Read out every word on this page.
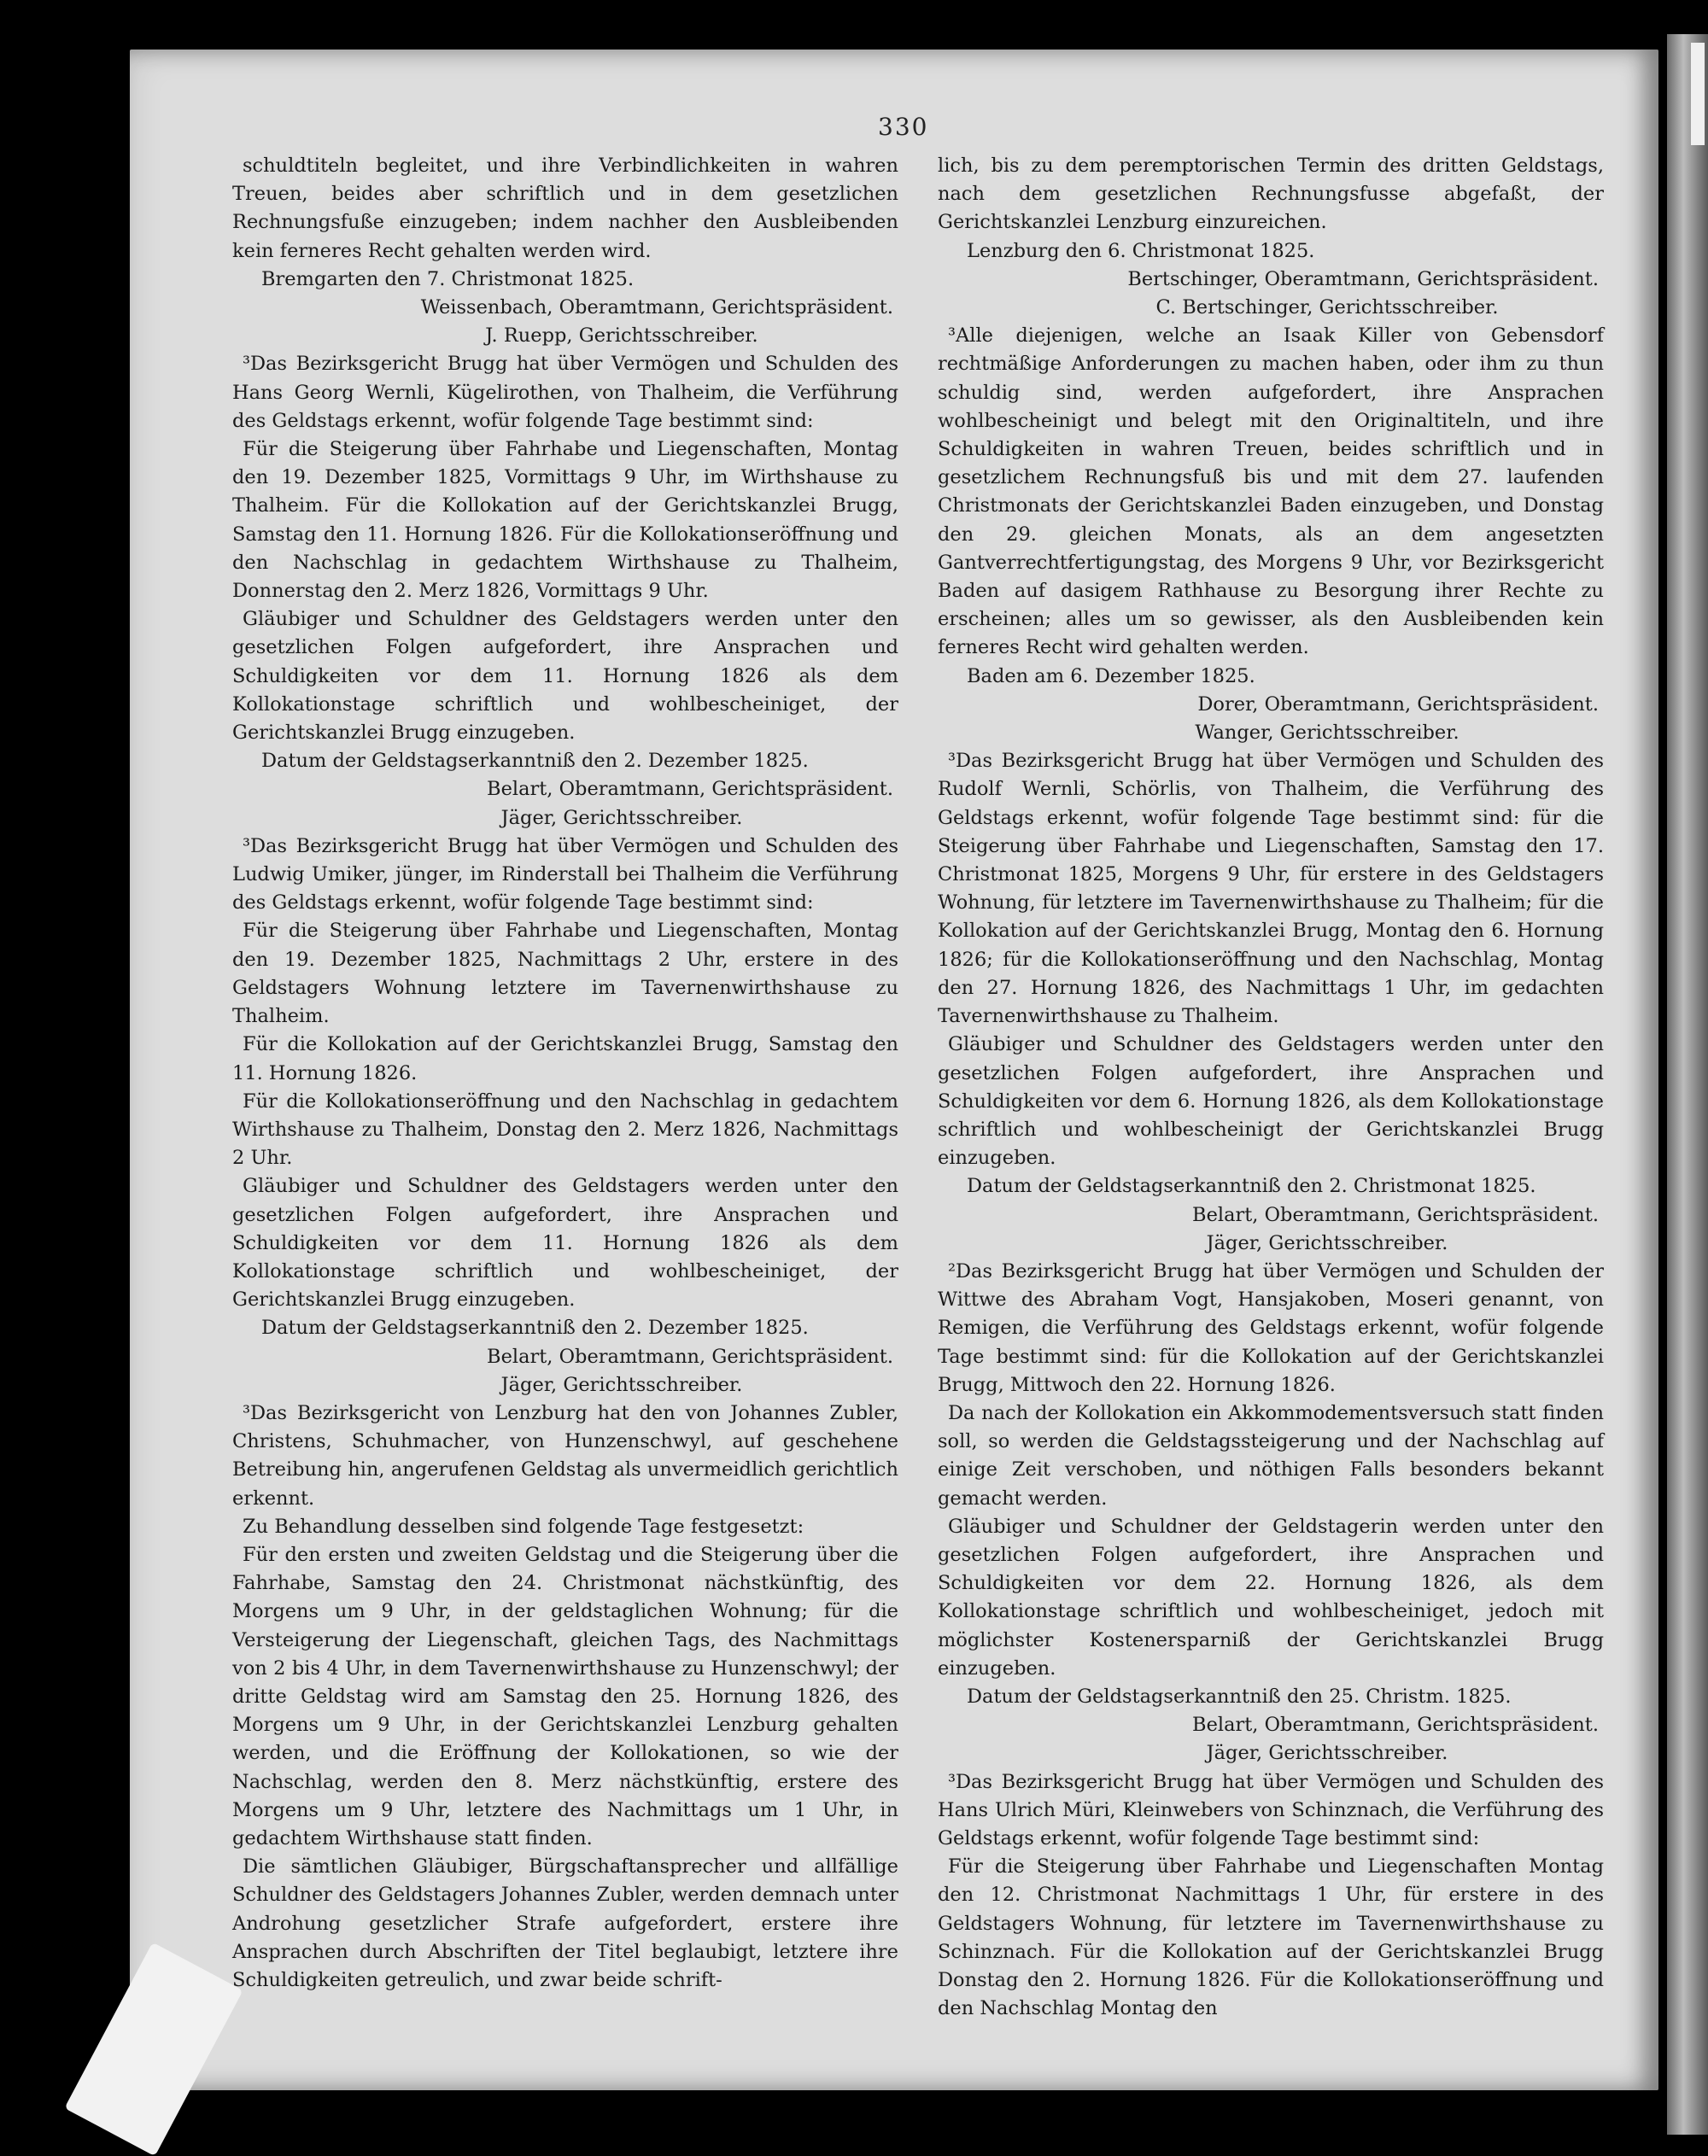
330

schuldtiteln begleitet, und ihre Verbindlichkeiten in wahren Treuen, beides aber schriftlich und in dem gesetzlichen Rechnungsfuße einzugeben; indem nachher den Ausbleibenden kein ferneres Recht gehalten werden wird.

Bremgarten den 7. Christmonat 1825.

Weissenbach, Oberamtmann, Gerichtspräsident.

J. Ruepp, Gerichtsschreiber.

³Das Bezirksgericht Brugg hat über Vermögen und Schulden des Hans Georg Wernli, Kügelirothen, von Thalheim, die Verführung des Geldstags erkennt, wofür folgende Tage bestimmt sind:

Für die Steigerung über Fahrhabe und Liegenschaften, Montag den 19. Dezember 1825, Vormittags 9 Uhr, im Wirthshause zu Thalheim. Für die Kollokation auf der Gerichtskanzlei Brugg, Samstag den 11. Hornung 1826. Für die Kollokationseröffnung und den Nachschlag in gedachtem Wirthshause zu Thalheim, Donnerstag den 2. Merz 1826, Vormittags 9 Uhr.

Gläubiger und Schuldner des Geldstagers werden unter den gesetzlichen Folgen aufgefordert, ihre Ansprachen und Schuldigkeiten vor dem 11. Hornung 1826 als dem Kollokationstage schriftlich und wohlbescheiniget, der Gerichtskanzlei Brugg einzugeben.

Datum der Geldstagserkanntniß den 2. Dezember 1825.

Belart, Oberamtmann, Gerichtspräsident.

Jäger, Gerichtsschreiber.

³Das Bezirksgericht Brugg hat über Vermögen und Schulden des Ludwig Umiker, jünger, im Rinderstall bei Thalheim die Verführung des Geldstags erkennt, wofür folgende Tage bestimmt sind:

Für die Steigerung über Fahrhabe und Liegenschaften, Montag den 19. Dezember 1825, Nachmittags 2 Uhr, erstere in des Geldstagers Wohnung letztere im Tavernenwirthshause zu Thalheim.

Für die Kollokation auf der Gerichtskanzlei Brugg, Samstag den 11. Hornung 1826.

Für die Kollokationseröffnung und den Nachschlag in gedachtem Wirthshause zu Thalheim, Donstag den 2. Merz 1826, Nachmittags 2 Uhr.

Gläubiger und Schuldner des Geldstagers werden unter den gesetzlichen Folgen aufgefordert, ihre Ansprachen und Schuldigkeiten vor dem 11. Hornung 1826 als dem Kollokationstage schriftlich und wohlbescheiniget, der Gerichtskanzlei Brugg einzugeben.

Datum der Geldstagserkanntniß den 2. Dezember 1825.

Belart, Oberamtmann, Gerichtspräsident.

Jäger, Gerichtsschreiber.

³Das Bezirksgericht von Lenzburg hat den von Johannes Zubler, Christens, Schuhmacher, von Hunzenschwyl, auf geschehene Betreibung hin, angerufenen Geldstag als unvermeidlich gerichtlich erkennt.

Zu Behandlung desselben sind folgende Tage festgesetzt:

Für den ersten und zweiten Geldstag und die Steigerung über die Fahrhabe, Samstag den 24. Christmonat nächstkünftig, des Morgens um 9 Uhr, in der geldstaglichen Wohnung; für die Versteigerung der Liegenschaft, gleichen Tags, des Nachmittags von 2 bis 4 Uhr, in dem Tavernenwirthshause zu Hunzenschwyl; der dritte Geldstag wird am Samstag den 25. Hornung 1826, des Morgens um 9 Uhr, in der Gerichtskanzlei Lenzburg gehalten werden, und die Eröffnung der Kollokationen, so wie der Nachschlag, werden den 8. Merz nächstkünftig, erstere des Morgens um 9 Uhr, letztere des Nachmittags um 1 Uhr, in gedachtem Wirthshause statt finden.

Die sämtlichen Gläubiger, Bürgschaftansprecher und allfällige Schuldner des Geldstagers Johannes Zubler, werden demnach unter Androhung gesetzlicher Strafe aufgefordert, erstere ihre Ansprachen durch Abschriften der Titel beglaubigt, letztere ihre Schuldigkeiten getreulich, und zwar beide schrift-

lich, bis zu dem peremptorischen Termin des dritten Geldstags, nach dem gesetzlichen Rechnungsfusse abgefaßt, der Gerichtskanzlei Lenzburg einzureichen.

Lenzburg den 6. Christmonat 1825.

Bertschinger, Oberamtmann, Gerichtspräsident.

C. Bertschinger, Gerichtsschreiber.

³Alle diejenigen, welche an Isaak Killer von Gebensdorf rechtmäßige Anforderungen zu machen haben, oder ihm zu thun schuldig sind, werden aufgefordert, ihre Ansprachen wohlbescheinigt und belegt mit den Originaltiteln, und ihre Schuldigkeiten in wahren Treuen, beides schriftlich und in gesetzlichem Rechnungsfuß bis und mit dem 27. laufenden Christmonats der Gerichtskanzlei Baden einzugeben, und Donstag den 29. gleichen Monats, als an dem angesetzten Gantverrechtfertigungstag, des Morgens 9 Uhr, vor Bezirksgericht Baden auf dasigem Rathhause zu Besorgung ihrer Rechte zu erscheinen; alles um so gewisser, als den Ausbleibenden kein ferneres Recht wird gehalten werden.

Baden am 6. Dezember 1825.

Dorer, Oberamtmann, Gerichtspräsident.

Wanger, Gerichtsschreiber.

³Das Bezirksgericht Brugg hat über Vermögen und Schulden des Rudolf Wernli, Schörlis, von Thalheim, die Verführung des Geldstags erkennt, wofür folgende Tage bestimmt sind: für die Steigerung über Fahrhabe und Liegenschaften, Samstag den 17. Christmonat 1825, Morgens 9 Uhr, für erstere in des Geldstagers Wohnung, für letztere im Tavernenwirthshause zu Thalheim; für die Kollokation auf der Gerichtskanzlei Brugg, Montag den 6. Hornung 1826; für die Kollokationseröffnung und den Nachschlag, Montag den 27. Hornung 1826, des Nachmittags 1 Uhr, im gedachten Tavernenwirthshause zu Thalheim.

Gläubiger und Schuldner des Geldstagers werden unter den gesetzlichen Folgen aufgefordert, ihre Ansprachen und Schuldigkeiten vor dem 6. Hornung 1826, als dem Kollokationstage schriftlich und wohlbescheinigt der Gerichtskanzlei Brugg einzugeben.

Datum der Geldstagserkanntniß den 2. Christmonat 1825.

Belart, Oberamtmann, Gerichtspräsident.

Jäger, Gerichtsschreiber.

²Das Bezirksgericht Brugg hat über Vermögen und Schulden der Wittwe des Abraham Vogt, Hansjakoben, Moseri genannt, von Remigen, die Verführung des Geldstags erkennt, wofür folgende Tage bestimmt sind: für die Kollokation auf der Gerichtskanzlei Brugg, Mittwoch den 22. Hornung 1826.

Da nach der Kollokation ein Akkommodementsversuch statt finden soll, so werden die Geldstagssteigerung und der Nachschlag auf einige Zeit verschoben, und nöthigen Falls besonders bekannt gemacht werden.

Gläubiger und Schuldner der Geldstagerin werden unter den gesetzlichen Folgen aufgefordert, ihre Ansprachen und Schuldigkeiten vor dem 22. Hornung 1826, als dem Kollokationstage schriftlich und wohlbescheiniget, jedoch mit möglichster Kostenersparniß der Gerichtskanzlei Brugg einzugeben.

Datum der Geldstagserkanntniß den 25. Christm. 1825.

Belart, Oberamtmann, Gerichtspräsident.

Jäger, Gerichtsschreiber.

³Das Bezirksgericht Brugg hat über Vermögen und Schulden des Hans Ulrich Müri, Kleinwebers von Schinznach, die Verführung des Geldstags erkennt, wofür folgende Tage bestimmt sind:

Für die Steigerung über Fahrhabe und Liegenschaften Montag den 12. Christmonat Nachmittags 1 Uhr, für erstere in des Geldstagers Wohnung, für letztere im Tavernenwirthshause zu Schinznach. Für die Kollokation auf der Gerichtskanzlei Brugg Donstag den 2. Hornung 1826. Für die Kollokationseröffnung und den Nachschlag Montag den
